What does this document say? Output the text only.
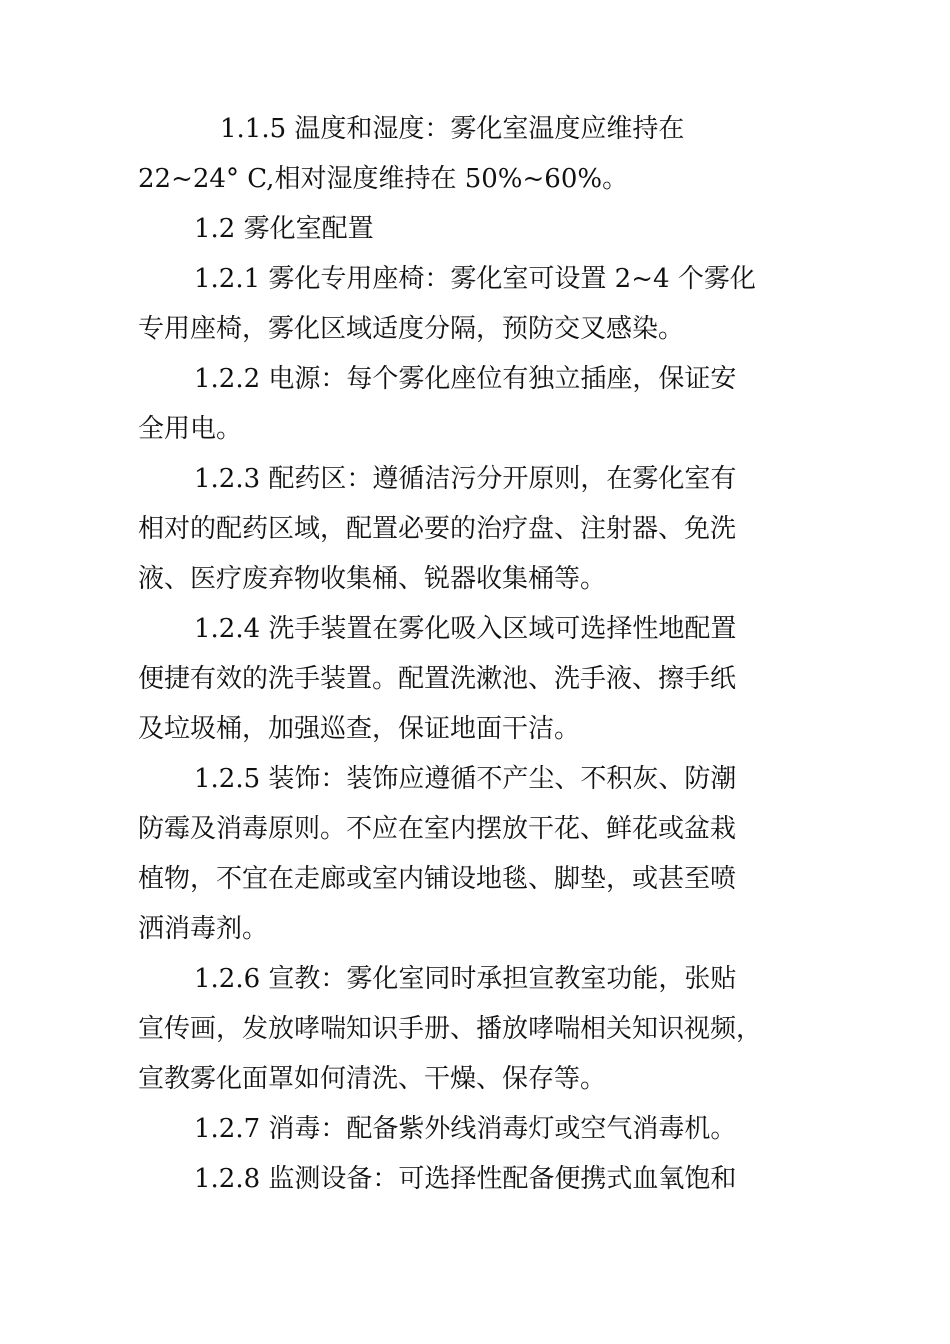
1.1.5 温度和湿度：雾化室温度应维持在
22~24° C,相对湿度维持在 50%~60%。
1.2 雾化室配置
1.2.1 雾化专用座椅：雾化室可设置 2~4 个雾化
专用座椅，雾化区域适度分隔，预防交叉感染。
1.2.2 电源：每个雾化座位有独立插座，保证安
全用电。
1.2.3 配药区：遵循洁污分开原则，在雾化室有
相对的配药区域，配置必要的治疗盘、注射器、免洗
液、医疗废弃物收集桶、锐器收集桶等。
1.2.4 洗手装置在雾化吸入区域可选择性地配置
便捷有效的洗手装置。配置洗漱池、洗手液、擦手纸
及垃圾桶，加强巡查，保证地面干洁。
1.2.5 装饰：装饰应遵循不产尘、不积灰、防潮
防霉及消毒原则。不应在室内摆放干花、鲜花或盆栽
植物，不宜在走廊或室内铺设地毯、脚垫，或甚至喷
洒消毒剂。
1.2.6 宣教：雾化室同时承担宣教室功能，张贴
宣传画，发放哮喘知识手册、播放哮喘相关知识视频，
宣教雾化面罩如何清洗、干燥、保存等。
1.2.7 消毒：配备紫外线消毒灯或空气消毒机。
1.2.8 监测设备：可选择性配备便携式血氧饱和
